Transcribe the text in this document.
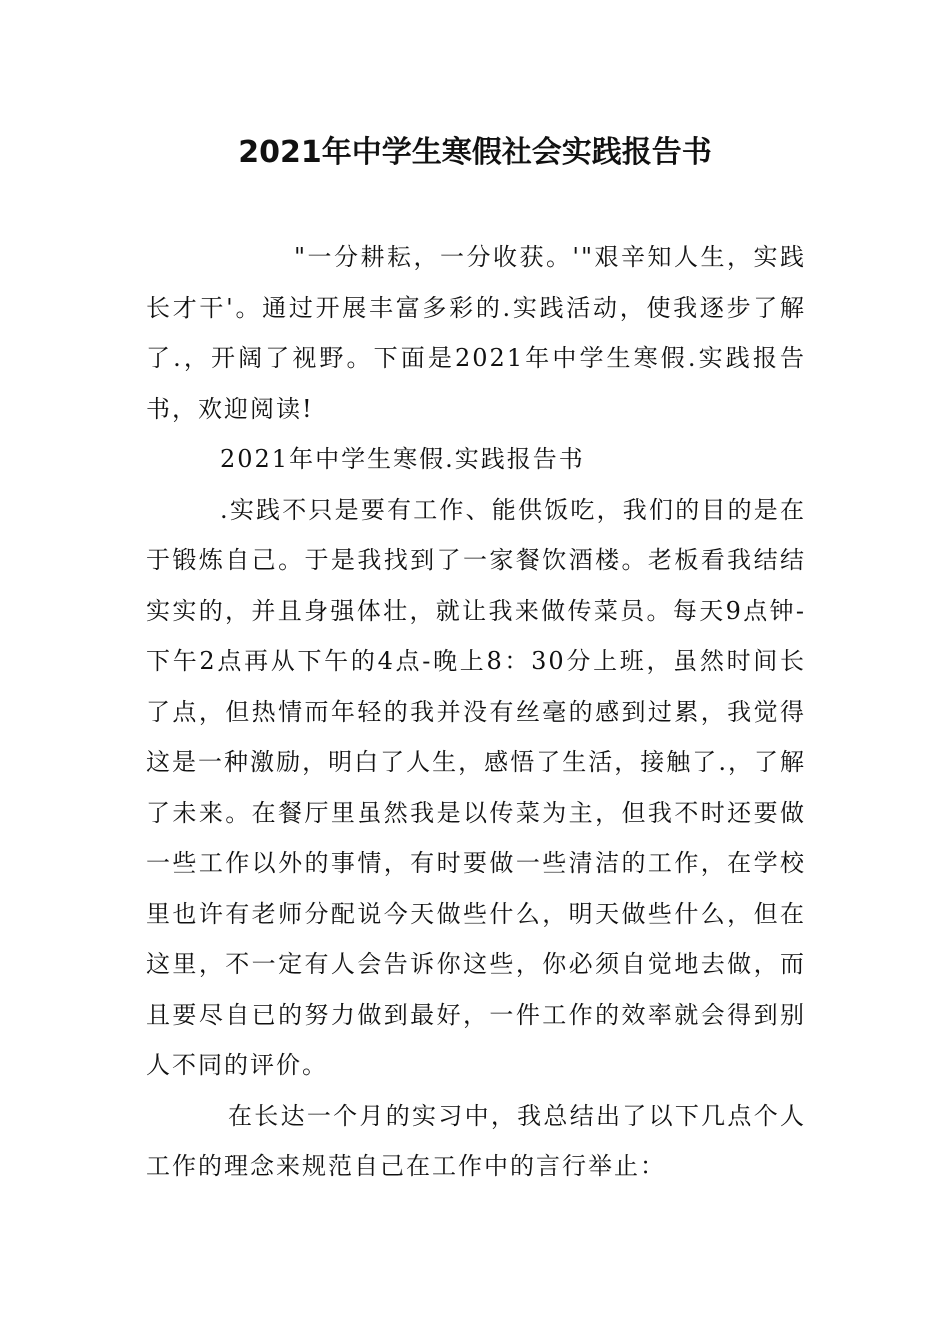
2021年中学生寒假社会实践报告书

"一分耕耘，一分收获。'"艰辛知人生，实践长才干'。通过开展丰富多彩的.实践活动，使我逐步了解了.，开阔了视野。下面是2021年中学生寒假.实践报告书，欢迎阅读!

2021年中学生寒假.实践报告书

.实践不只是要有工作、能供饭吃，我们的目的是在于锻炼自己。于是我找到了一家餐饮酒楼。老板看我结结实实的，并且身强体壮，就让我来做传菜员。每天9点钟-下午2点再从下午的4点-晚上8：30分上班，虽然时间长了点，但热情而年轻的我并没有丝毫的感到过累，我觉得这是一种激励，明白了人生，感悟了生活，接触了.，了解了未来。在餐厅里虽然我是以传菜为主，但我不时还要做一些工作以外的事情，有时要做一些清洁的工作，在学校里也许有老师分配说今天做些什么，明天做些什么，但在这里，不一定有人会告诉你这些，你必须自觉地去做，而且要尽自已的努力做到最好，一件工作的效率就会得到别人不同的评价。

在长达一个月的实习中，我总结出了以下几点个人工作的理念来规范自己在工作中的言行举止：
